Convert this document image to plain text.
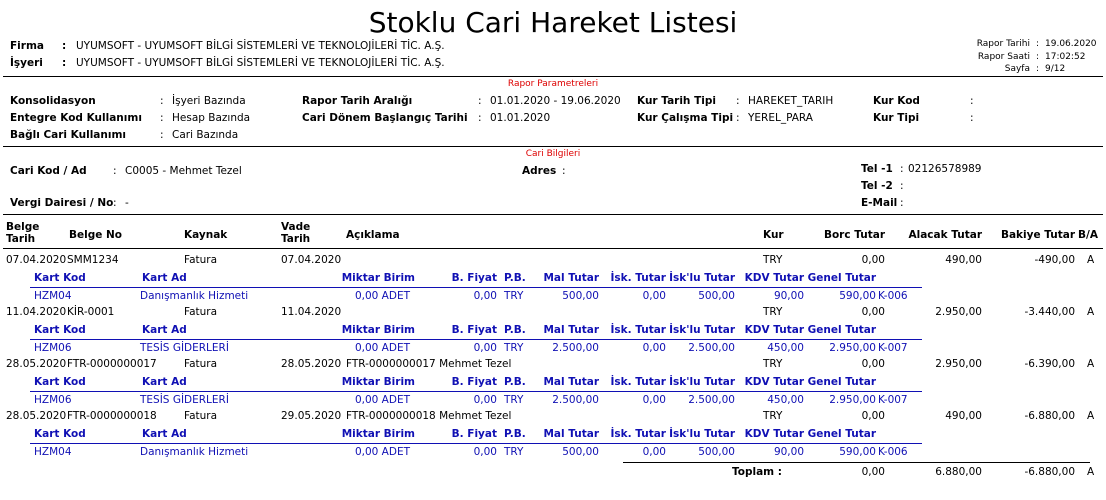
Stoklu Cari Hareket Listesi
Firma : UYUMSOFT - UYUMSOFT BİLGİ SİSTEMLERİ VE TEKNOLOJİLERİ TİC. A.Ş.
İşyeri : UYUMSOFT - UYUMSOFT BİLGİ SİSTEMLERİ VE TEKNOLOJİLERİ TİC. A.Ş.
Rapor Tarihi : 19.06.2020
Rapor Saati : 17:02:52
Sayfa : 9/12
Rapor Parametreleri
Konsolidasyon	: İşyeri Bazında
Entegre Kod Kullanımı : Hesap Bazında
Bağlı Cari Kullanımı	: Cari Bazında
Rapor Tarih Aralığı	: 01.01.2020 - 19.06.2020
Cari Dönem Başlangıç Tarihi : 01.01.2020
Kur Tarih Tipi : HAREKET_TARIH
Kur Çalışma Tipi : YEREL_PARA
Kur Kod	:
Kur Tipi	:
Cari Bilgileri
Cari Kod / Ad	: C0005 - Mehmet Tezel	Adres :	Tel -1 : 02126578989
Tel -2 :
E-Mail :
Vergi Dairesi / No : -
Belge Tarih	Belge No	Kaynak
Vade Tarih	Açıklama	Kur	Borc Tutar	Alacak Tutar	Bakiye Tutar B/A
07.04.2020 SMM1234	Fatura	07.04.2020	TRY	0,00	490,00	-490,00 A
Kart Kod	Kart Ad	Miktar Birim	B. Fiyat P.B.	Mal Tutar	İsk. Tutar İsk'lu Tutar KDV Tutar Genel Tutar
HZM04	Danışmanlık Hizmeti	0,00 ADET	0,00 TRY	500,00	0,00	500,00	90,00	590,00 K-006
11.04.2020 KİR-0001	Fatura	11.04.2020	TRY	0,00	2.950,00	-3.440,00 A
Kart Kod	Kart Ad	Miktar Birim	B. Fiyat P.B.	Mal Tutar	İsk. Tutar İsk'lu Tutar KDV Tutar Genel Tutar
HZM06	TESİS GİDERLERİ	0,00 ADET	0,00 TRY	2.500,00	0,00	2.500,00	450,00	2.950,00 K-007
28.05.2020 FTR-0000000017	Fatura	28.05.2020 FTR-0000000017 Mehmet Tezel	TRY	0,00	2.950,00	-6.390,00 A
Kart Kod	Kart Ad	Miktar Birim	B. Fiyat P.B.	Mal Tutar	İsk. Tutar İsk'lu Tutar KDV Tutar Genel Tutar
HZM06	TESİS GİDERLERİ	0,00 ADET	0,00 TRY	2.500,00	0,00	2.500,00	450,00	2.950,00 K-007
28.05.2020 FTR-0000000018	Fatura	29.05.2020 FTR-0000000018 Mehmet Tezel	TRY	0,00	490,00	-6.880,00 A
Kart Kod	Kart Ad	Miktar Birim	B. Fiyat P.B.	Mal Tutar	İsk. Tutar İsk'lu Tutar KDV Tutar Genel Tutar
HZM04	Danışmanlık Hizmeti	0,00 ADET	0,00 TRY	500,00	0,00	500,00	90,00	590,00 K-006
Toplam :	0,00	6.880,00	-6.880,00 A
